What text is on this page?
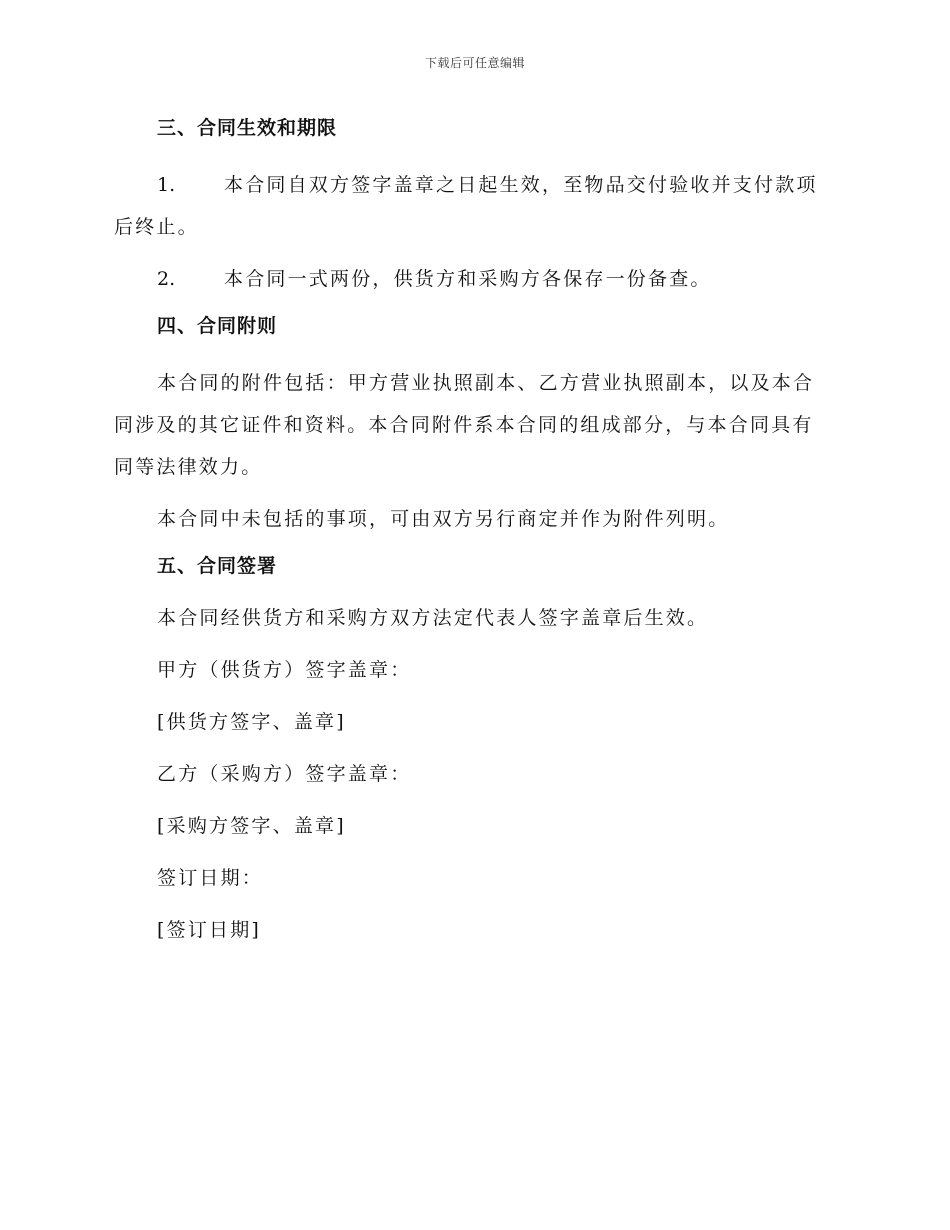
下载后可任意编辑
三、合同生效和期限
1.	本合同自双方签字盖章之日起生效，至物品交付验收并支付款项后终止。
2.	本合同一式两份，供货方和采购方各保存一份备查。
四、合同附则

本合同的附件包括：甲方营业执照副本、乙方营业执照副本，以及本合同涉及的其它证件和资料。本合同附件系本合同的组成部分，与本合同具有同等法律效力。

本合同中未包括的事项，可由双方另行商定并作为附件列明。

五、合同签署
本合同经供货方和采购方双方法定代表人签字盖章后生效。
甲方（供货方）签字盖章：
[供货方签字、盖章]
乙方（采购方）签字盖章：
[采购方签字、盖章]
签订日期：
[签订日期]
